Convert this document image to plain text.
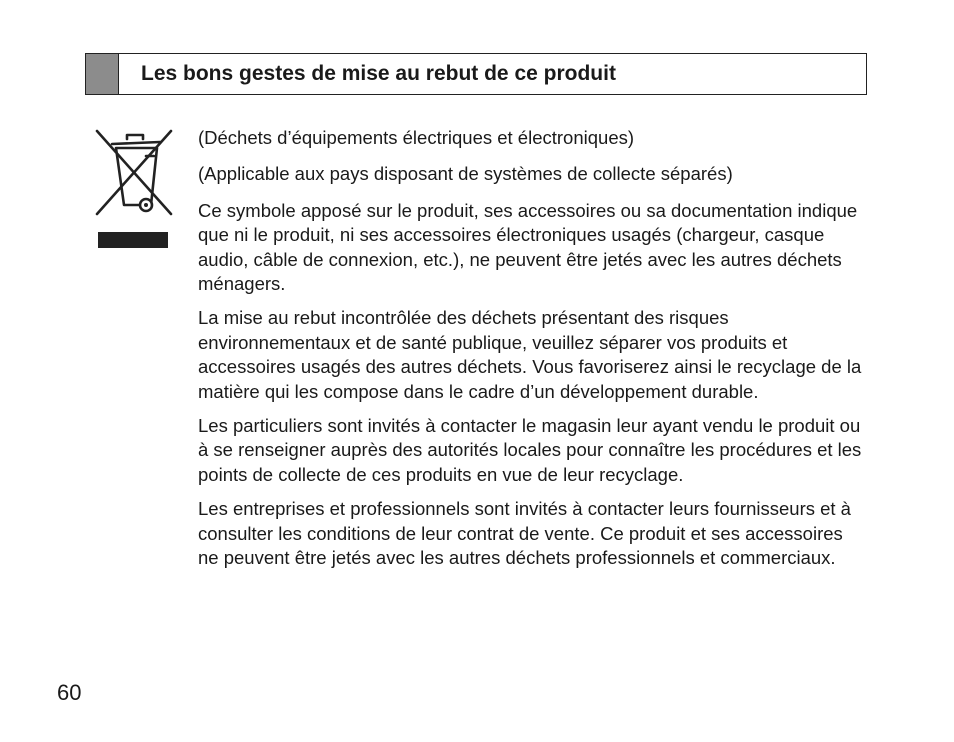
Les bons gestes de mise au rebut de ce produit

(Déchets d’équipements électriques et électroniques)

(Applicable aux pays disposant de systèmes de collecte séparés)

Ce symbole apposé sur le produit, ses accessoires ou sa documentation indique que ni le produit, ni ses accessoires électroniques usagés (chargeur, casque audio, câble de connexion, etc.), ne peuvent être jetés avec les autres déchets ménagers.

La mise au rebut incontrôlée des déchets présentant des risques environnementaux et de santé publique, veuillez séparer vos produits et accessoires usagés des autres déchets. Vous favoriserez ainsi le recyclage de la matière qui les compose dans le cadre d’un développement durable.

Les particuliers sont invités à contacter le magasin leur ayant vendu le produit ou à se renseigner auprès des autorités locales pour connaître les procédures et les points de collecte de ces produits en vue de leur recyclage.

Les entreprises et professionnels sont invités à contacter leurs fournisseurs et à consulter les conditions de leur contrat de vente. Ce produit et ses accessoires ne peuvent être jetés avec les autres déchets professionnels et commerciaux.

60
